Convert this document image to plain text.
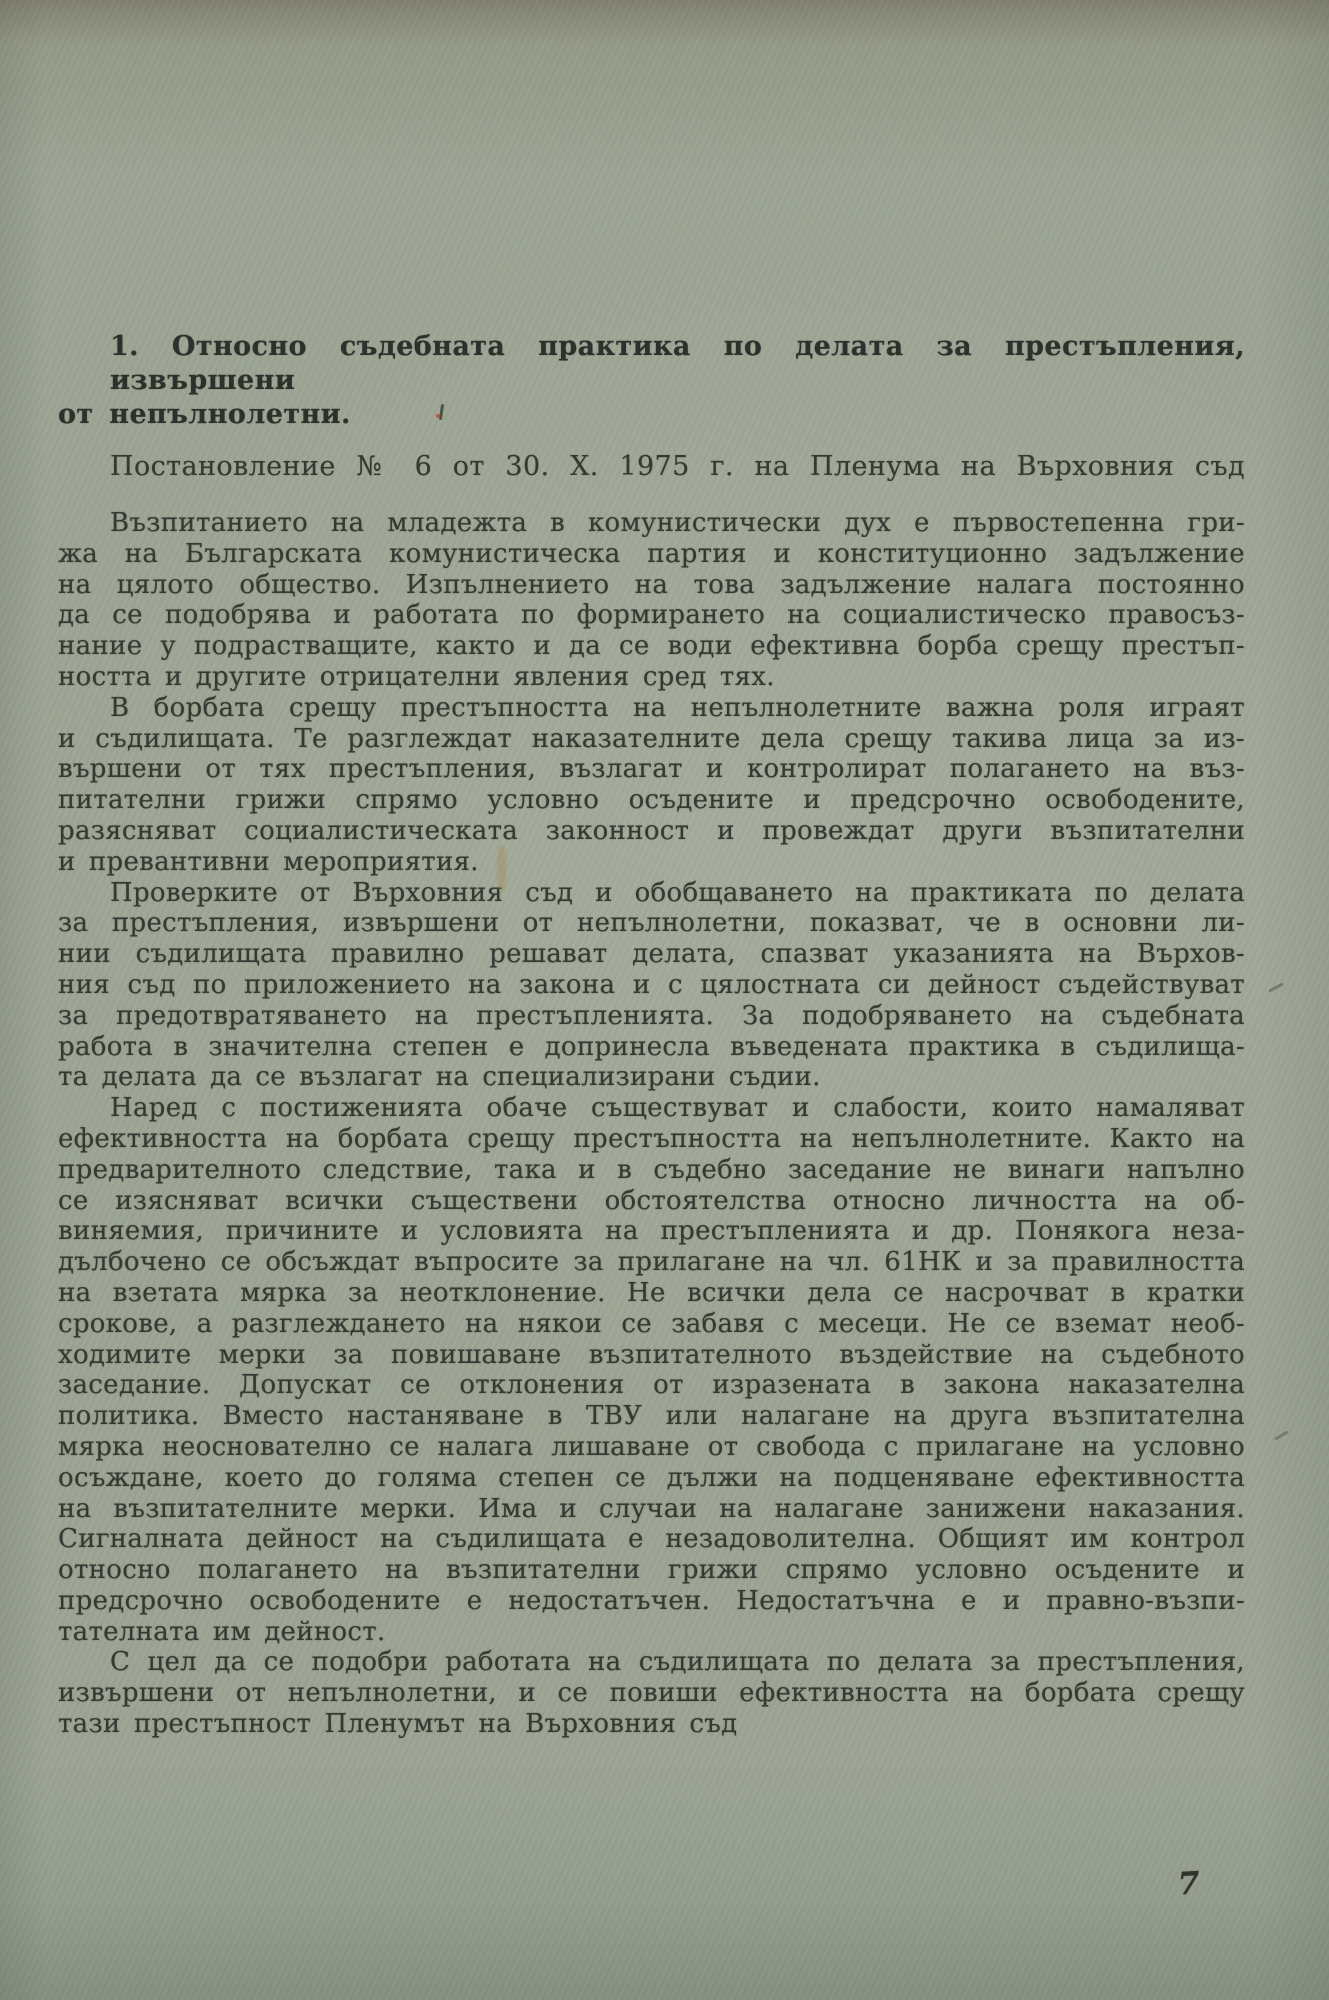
1. Относно съдебната практика по делата за престъпления, извършени
от непълнолетни.
Постановление № 6 от 30. X. 1975 г. на Пленума на Върховния съд
Възпитанието на младежта в комунистически дух е първостепенна гри-
жа на Българската комунистическа партия и конституционно задължение
на цялото общество. Изпълнението на това задължение налага постоянно
да се подобрява и работата по формирането на социалистическо правосъз-
нание у подрастващите, както и да се води ефективна борба срещу престъп-
ността и другите отрицателни явления сред тях.
В борбата срещу престъпността на непълнолетните важна роля играят
и съдилищата. Те разглеждат наказателните дела срещу такива лица за из-
вършени от тях престъпления, възлагат и контролират полагането на въз-
питателни грижи спрямо условно осъдените и предсрочно освободените,
разясняват социалистическата законност и провеждат други възпитателни
и превантивни мероприятия.
Проверките от Върховния съд и обобщаването на практиката по делата
за престъпления, извършени от непълнолетни, показват, че в основни ли-
нии съдилищата правилно решават делата, спазват указанията на Върхов-
ния съд по приложението на закона и с цялостната си дейност съдействуват
за предотвратяването на престъпленията. За подобряването на съдебната
работа в значителна степен е допринесла въведената практика в съдилища-
та делата да се възлагат на специализирани съдии.
Наред с постиженията обаче съществуват и слабости, които намаляват
ефективността на борбата срещу престъпността на непълнолетните. Както на
предварителното следствие, така и в съдебно заседание не винаги напълно
се изясняват всички съществени обстоятелства относно личността на об-
виняемия, причините и условията на престъпленията и др. Понякога неза-
дълбочено се обсъждат въпросите за прилагане на чл. 61НК и за правилността
на взетата мярка за неотклонение. Не всички дела се насрочват в кратки
срокове, а разглеждането на някои се забавя с месеци. Не се вземат необ-
ходимите мерки за повишаване възпитателното въздействие на съдебното
заседание. Допускат се отклонения от изразената в закона наказателна
политика. Вместо настаняване в ТВУ или налагане на друга възпитателна
мярка неоснователно се налага лишаване от свобода с прилагане на условно
осъждане, което до голяма степен се дължи на подценяване ефективността
на възпитателните мерки. Има и случаи на налагане занижени наказания.
Сигналната дейност на съдилищата е незадоволителна. Общият им контрол
относно полагането на възпитателни грижи спрямо условно осъдените и
предсрочно освободените е недостатъчен. Недостатъчна е и правно-възпи-
тателната им дейност.
С цел да се подобри работата на съдилищата по делата за престъпления,
извършени от непълнолетни, и се повиши ефективността на борбата срещу
тази престъпност Пленумът на Върховния съд
7
